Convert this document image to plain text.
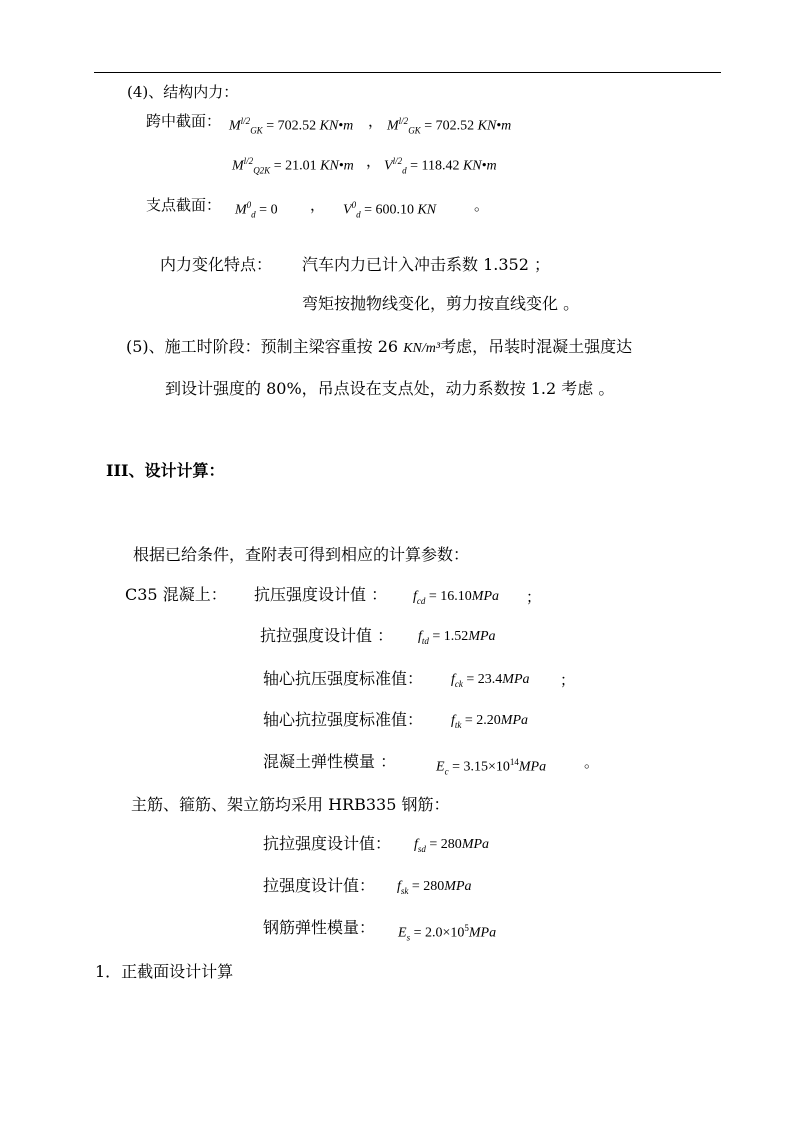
(4)、结构内力：
跨中截面： $M^{l/2}_{GK} = 702.52$ KN•m ， $M^{l/2}_{GK} = 702.52$ KN•m
$M^{l/2}_{Q2K} = 21.01$ KN•m ， $V^{l/2}_d = 118.42$ KN•m
支点截面： $M^0_d = 0$ ， $V^0_d = 600.10$ KN	。
内力变化特点： 汽车内力已计入冲击系数 1.352 ；
弯矩按抛物线变化，剪力按直线变化 。
(5)、施工时阶段：预制主梁容重按 26 KN/m³考虑，吊装时混凝土强度达
到设计强度的 80%，吊点设在支点处，动力系数按 1.2 考虑 。
III、设计计算：
根据已给条件，查附表可得到相应的计算参数：
C35 混凝上： 抗压强度设计值 ： $f_{cd} = 16.10MPa$ ；
抗拉强度设计值 ： $f_{td} = 1.52MPa$
轴心抗压强度标准值： $f_{ck} = 23.4MPa$ ；
轴心抗拉强度标准值： $f_{tk} = 2.20MPa$
混凝土弹性模量 ：	$E_c = 3.15\times 10^{14}MPa$	。
主筋、箍筋、架立筋均采用 HRB335 钢筋：
抗拉强度设计值： $f_{sd} = 280MPa$
拉强度设计值： $f_{sk} = 280MPa$
钢筋弹性模量： $E_s = 2.0\times 10^5MPa$
1．正截面设计计算
